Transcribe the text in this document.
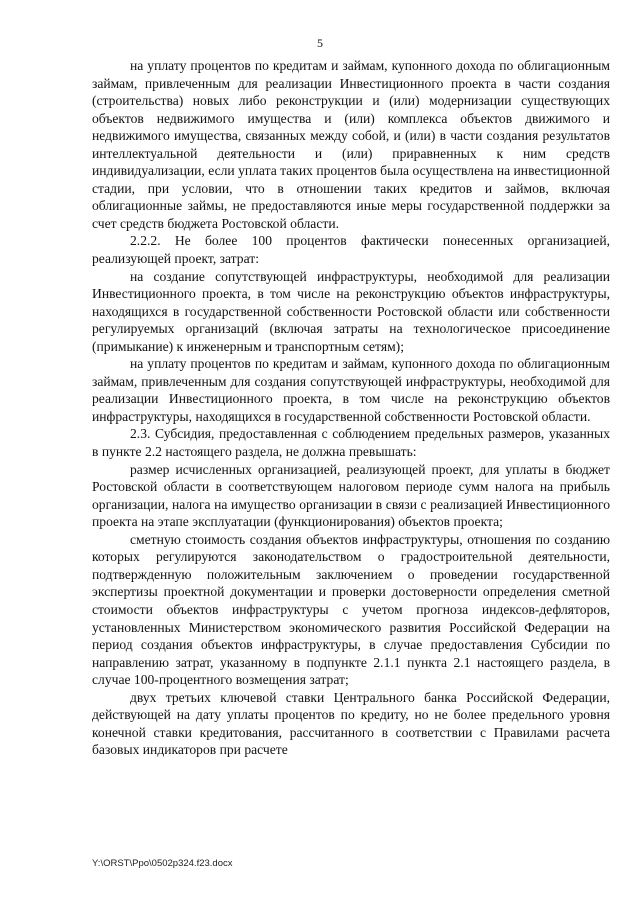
5

на уплату процентов по кредитам и займам, купонного дохода по облигационным займам, привлеченным для реализации Инвестиционного проекта в части создания (строительства) новых либо реконструкции и (или) модернизации существующих объектов недвижимого имущества и (или) комплекса объектов движимого и недвижимого имущества, связанных между собой, и (или) в части создания результатов интеллектуальной деятельности и (или) приравненных к ним средств индивидуализации, если уплата таких процентов была осуществлена на инвестиционной стадии, при условии, что в отношении таких кредитов и займов, включая облигационные займы, не предоставляются иные меры государственной поддержки за счет средств бюджета Ростовской области.

2.2.2. Не более 100 процентов фактически понесенных организацией, реализующей проект, затрат:

на создание сопутствующей инфраструктуры, необходимой для реализации Инвестиционного проекта, в том числе на реконструкцию объектов инфраструктуры, находящихся в государственной собственности Ростовской области или собственности регулируемых организаций (включая затраты на технологическое присоединение (примыкание) к инженерным и транспортным сетям);

на уплату процентов по кредитам и займам, купонного дохода по облигационным займам, привлеченным для создания сопутствующей инфраструктуры, необходимой для реализации Инвестиционного проекта, в том числе на реконструкцию объектов инфраструктуры, находящихся в государственной собственности Ростовской области.

2.3. Субсидия, предоставленная с соблюдением предельных размеров, указанных в пункте 2.2 настоящего раздела, не должна превышать:

размер исчисленных организацией, реализующей проект, для уплаты в бюджет Ростовской области в соответствующем налоговом периоде сумм налога на прибыль организации, налога на имущество организации в связи с реализацией Инвестиционного проекта на этапе эксплуатации (функционирования) объектов проекта;

сметную стоимость создания объектов инфраструктуры, отношения по созданию которых регулируются законодательством о градостроительной деятельности, подтвержденную положительным заключением о проведении государственной экспертизы проектной документации и проверки достоверности определения сметной стоимости объектов инфраструктуры с учетом прогноза индексов-дефляторов, установленных Министерством экономического развития Российской Федерации на период создания объектов инфраструктуры, в случае предоставления Субсидии по направлению затрат, указанному в подпункте 2.1.1 пункта 2.1 настоящего раздела, в случае 100-процентного возмещения затрат;

двух третьих ключевой ставки Центрального банка Российской Федерации, действующей на дату уплаты процентов по кредиту, но не более предельного уровня конечной ставки кредитования, рассчитанного в соответствии с Правилами расчета базовых индикаторов при расчете

Y:\ORST\Ppo\0502p324.f23.docx
